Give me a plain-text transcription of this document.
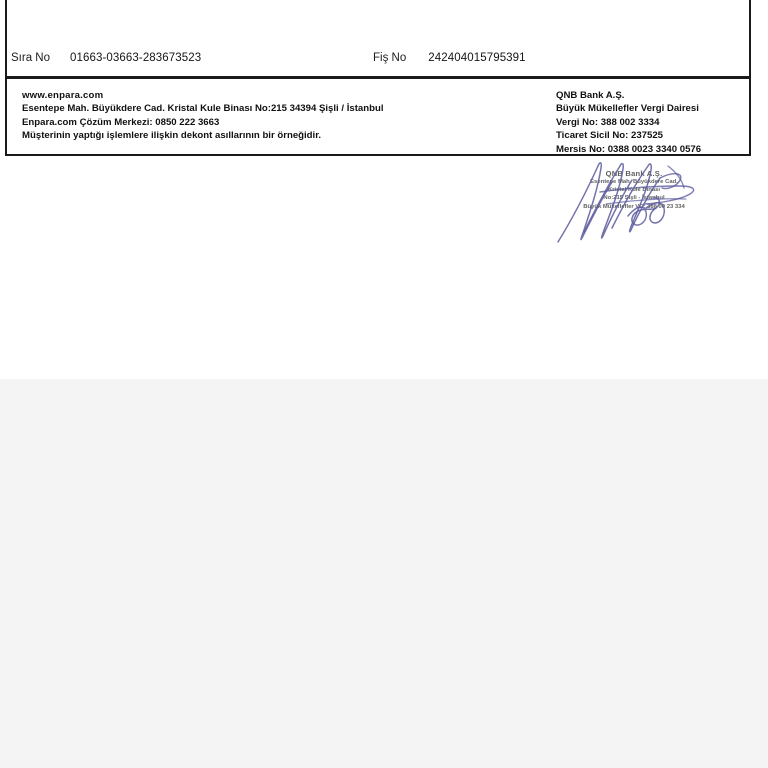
Sıra No 01663-03663-283673523	Fiş No 242404015795391
www.enpara.com
Esentepe Mah. Büyükdere Cad. Kristal Kule Binası No:215 34394 Şişli / İstanbul
Enpara.com Çözüm Merkezi: 0850 222 3663
Müşterinin yaptığı işlemlere ilişkin dekont asıllarının bir örneğidir.
QNB Bank A.Ş.
Büyük Mükellefler Vergi Dairesi
Vergi No: 388 002 3334
Ticaret Sicil No: 237525
Mersis No: 0388 0023 3340 0576
QNB Bank A.Ş.
Esentepe Mah. Büyükdere Cad.
Kristal Kule Binası
No:215 Şişli - İstanbul
Büyük Mükellefler VD: 388 00 23 334
